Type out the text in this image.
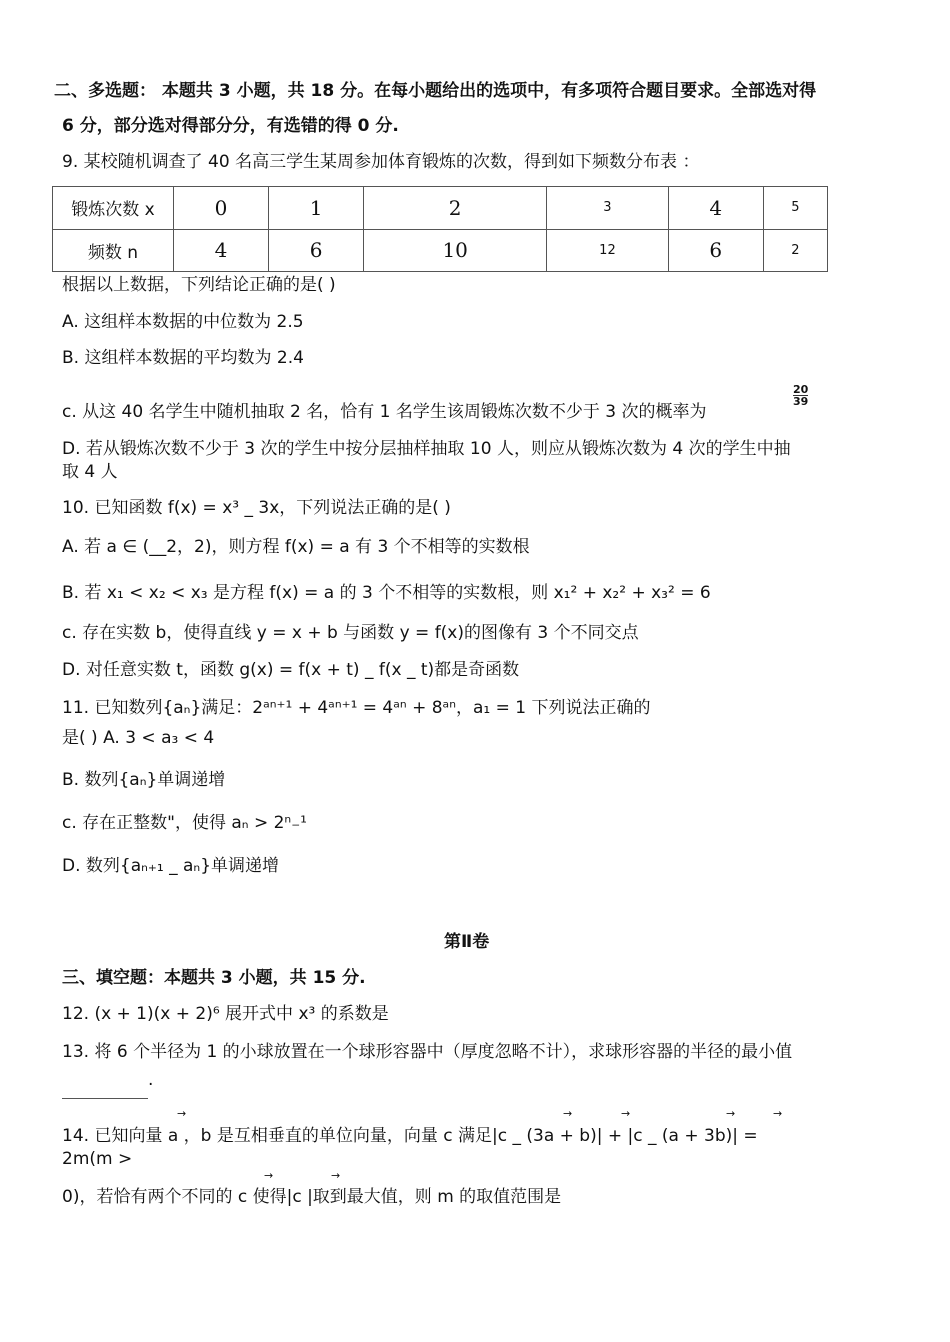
二、多选题： 本题共 3 小题，共 18 分。在每小题给出的选项中，有多项符合题目要求。全部选对得
6 分，部分选对得部分分，有选错的得 0 分.
9. 某校随机调查了 40 名高三学生某周参加体育锻炼的次数，得到如下频数分布表 ：
锻炼次数 x	0	1	2	3	4	5
频数 n	4	6	10	12	6	2
根据以上数据，下列结论正确的是( )
A. 这组样本数据的中位数为 2.5
B. 这组样本数据的平均数为 2.4
c. 从这 40 名学生中随机抽取 2 名，恰有 1 名学生该周锻炼次数不少于 3 次的概率为
$\frac{20}{39}$
D. 若从锻炼次数不少于 3 次的学生中按分层抽样抽取 10 人，则应从锻炼次数为 4 次的学生中抽
取 4 人
10. 已知函数 f(x) = x³ _ 3x，下列说法正确的是( )
A. 若 a ∈ (__2，2)，则方程 f(x) = a 有 3 个不相等的实数根
B. 若 x₁ < x₂ < x₃ 是方程 f(x) = a 的 3 个不相等的实数根，则 x₁² + x₂² + x₃² = 6
c. 存在实数 b，使得直线 y = x + b 与函数 y = f(x)的图像有 3 个不同交点
D. 对任意实数 t，函数 g(x) = f(x + t) _ f(x _ t)都是奇函数
11. 已知数列{aₙ}满足：2ᵃⁿ⁺¹ + 4ᵃⁿ⁺¹ = 4ᵃⁿ + 8ᵃⁿ，a₁ = 1 下列说法正确的
是( ) A. 3 < a₃ < 4
B. 数列{aₙ}单调递增
c. 存在正整数"，使得 aₙ > 2ⁿ₋¹
D. 数列{aₙ₊₁ _ aₙ}单调递增
第Ⅱ卷
三、填空题：本题共 3 小题，共 15 分.
12. (x + 1)(x + 2)⁶ 展开式中 x³ 的系数是
13. 将 6 个半径为 1 的小球放置在一个球形容器中（厚度忽略不计），求球形容器的半径的最小值
.
→	→	→	→	→
14. 已知向量 a ，b 是互相垂直的单位向量，向量 c 满足|c _ (3a + b)| + |c _ (a + 3b)| =
2m(m >
→	→
0)，若恰有两个不同的 c 使得|c |取到最大值，则 m 的取值范围是
